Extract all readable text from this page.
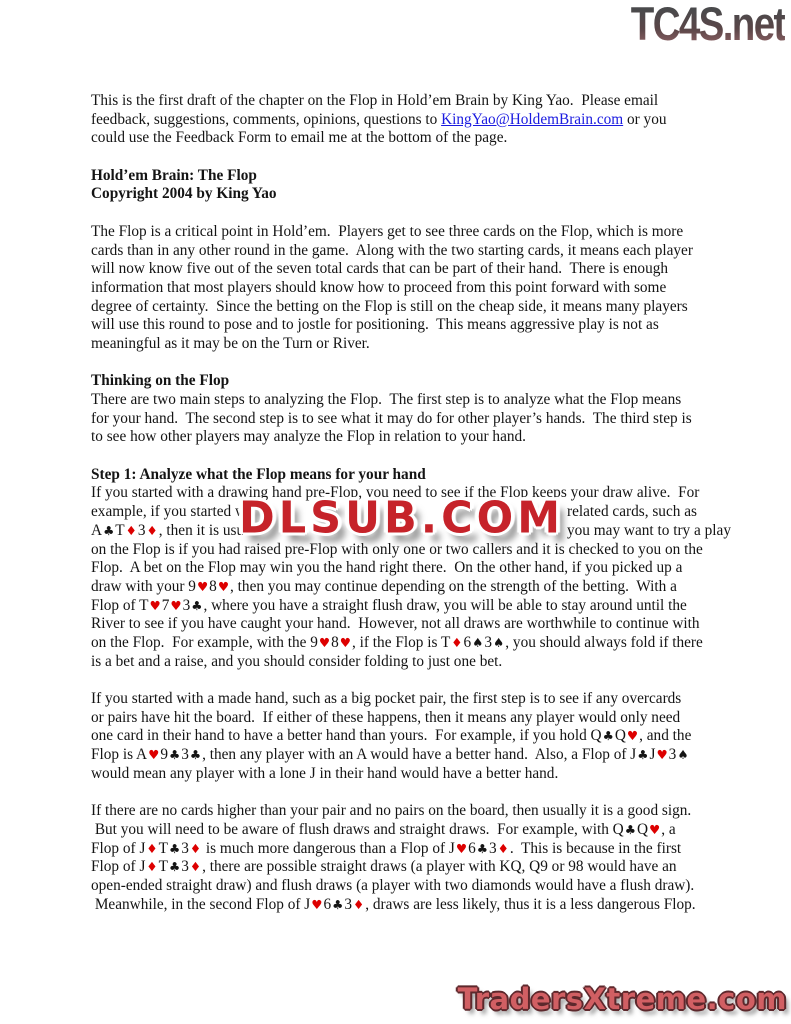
TC4S.net
This is the first draft of the chapter on the Flop in Hold’em Brain by King Yao.  Please email
feedback, suggestions, comments, opinions, questions to KingYao@HoldemBrain.com or you
could use the Feedback Form to email me at the bottom of the page.
Hold’em Brain: The Flop
Copyright 2004 by King Yao
The Flop is a critical point in Hold’em.  Players get to see three cards on the Flop, which is more
cards than in any other round in the game.  Along with the two starting cards, it means each player
will now know five out of the seven total cards that can be part of their hand.  There is enough
information that most players should know how to proceed from this point forward with some
degree of certainty.  Since the betting on the Flop is still on the cheap side, it means many players
will use this round to pose and to jostle for positioning.  This means aggressive play is not as
meaningful as it may be on the Turn or River.
Thinking on the Flop
There are two main steps to analyzing the Flop.  The first step is to analyze what the Flop means
for your hand.  The second step is to see what it may do for other player’s hands.  The third step is
to see how other players may analyze the Flop in relation to your hand.
Step 1: Analyze what the Flop means for your hand
If you started with a drawing hand pre-Flop, you need to see if the Flop keeps your draw alive.  For
example, if you started wit	related cards, such as
A♣T♦3♦, then it is usuall	you may want to try a play
on the Flop is if you had raised pre-Flop with only one or two callers and it is checked to you on the
Flop.  A bet on the Flop may win you the hand right there.  On the other hand, if you picked up a
draw with your 9♥8♥, then you may continue depending on the strength of the betting.  With a
Flop of T♥7♥3♣, where you have a straight flush draw, you will be able to stay around until the
River to see if you have caught your hand.  However, not all draws are worthwhile to continue with
on the Flop.  For example, with the 9♥8♥, if the Flop is T♦6♠3♠, you should always fold if there
is a bet and a raise, and you should consider folding to just one bet.
DLSUB.COM
If you started with a made hand, such as a big pocket pair, the first step is to see if any overcards
or pairs have hit the board.  If either of these happens, then it means any player would only need
one card in their hand to have a better hand than yours.  For example, if you hold Q♣Q♥, and the
Flop is A♥9♣3♣, then any player with an A would have a better hand.  Also, a Flop of J♣J♥3♠
would mean any player with a lone J in their hand would have a better hand.
If there are no cards higher than your pair and no pairs on the board, then usually it is a good sign.
But you will need to be aware of flush draws and straight draws.  For example, with Q♣Q♥, a
Flop of J♦T♣3♦ is much more dangerous than a Flop of J♥6♣3♦.  This is because in the first
Flop of J♦T♣3♦, there are possible straight draws (a player with KQ, Q9 or 98 would have an
open-ended straight draw) and flush draws (a player with two diamonds would have a flush draw).
Meanwhile, in the second Flop of J♥6♣3♦, draws are less likely, thus it is a less dangerous Flop.
TradersXtreme.com
